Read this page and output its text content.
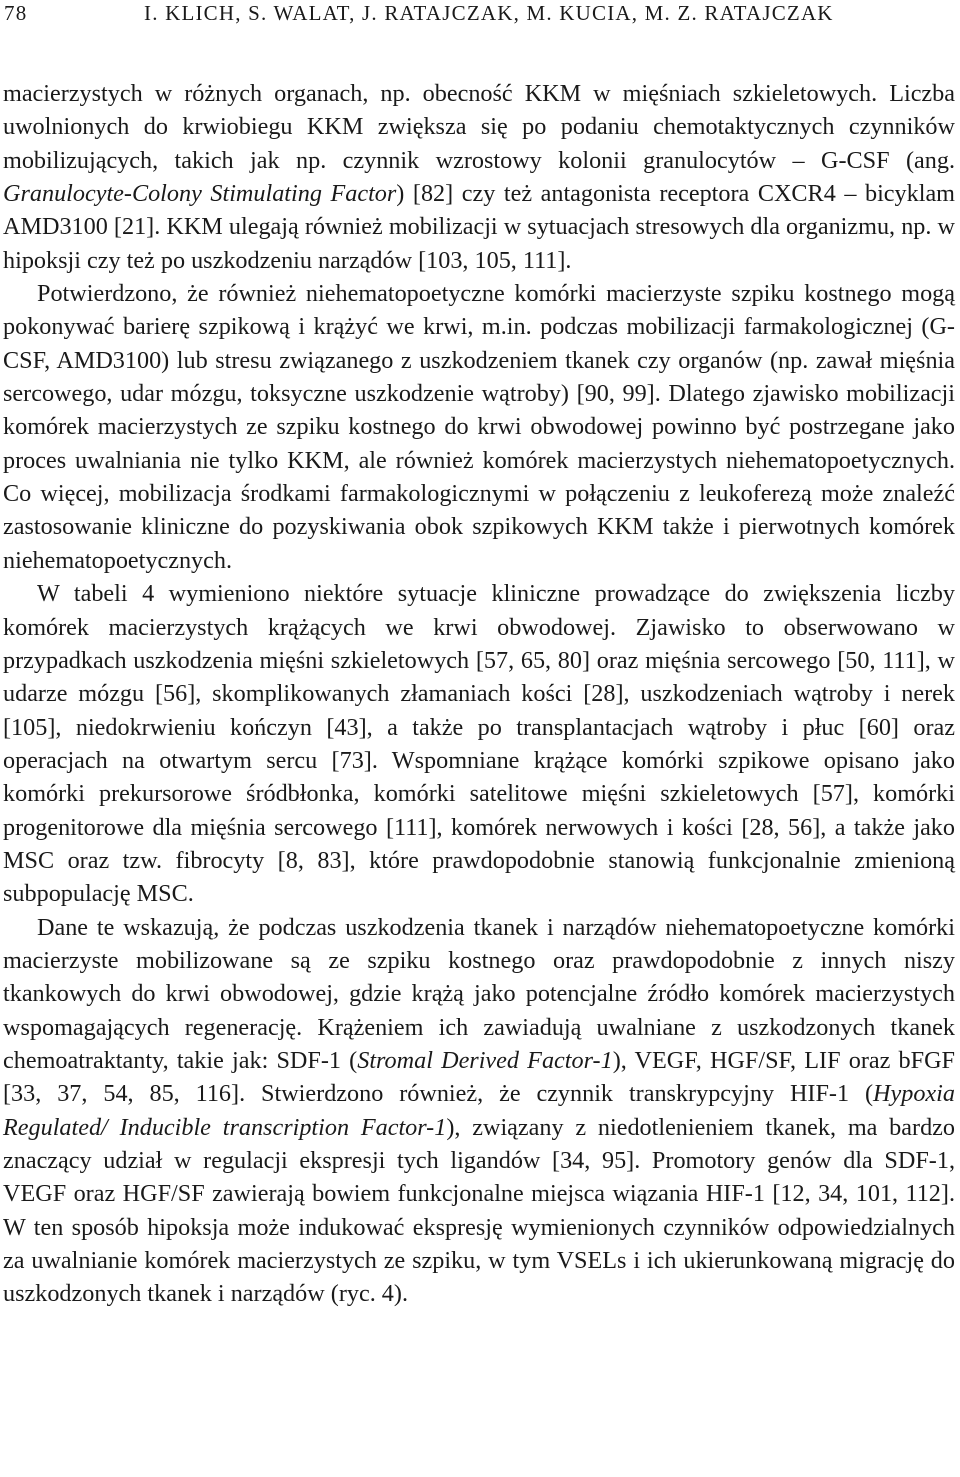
78	I. KLICH, S. WALAT, J. RATAJCZAK, M. KUCIA, M. Z. RATAJCZAK

macierzystych w różnych organach, np. obecność KKM w mięśniach szkieletowych. Liczba uwolnionych do krwiobiegu KKM zwiększa się po podaniu chemotaktycznych czynników mobilizujących, takich jak np. czynnik wzrostowy kolonii granulocytów – G-CSF (ang. Granulocyte-Colony Stimulating Factor) [82] czy też antagonista receptora CXCR4 – bicyklam AMD3100 [21]. KKM ulegają również mobilizacji w sytuacjach stresowych dla organizmu, np. w hipoksji czy też po uszkodzeniu narządów [103, 105, 111].

Potwierdzono, że również niehematopoetyczne komórki macierzyste szpiku kostnego mogą pokonywać barierę szpikową i krążyć we krwi, m.in. podczas mobilizacji farmakologicznej (G-CSF, AMD3100) lub stresu związanego z uszkodzeniem tkanek czy organów (np. zawał mięśnia sercowego, udar mózgu, toksyczne uszkodzenie wątroby) [90, 99]. Dlatego zjawisko mobilizacji komórek macierzystych ze szpiku kostnego do krwi obwodowej powinno być postrzegane jako proces uwalniania nie tylko KKM, ale również komórek macierzystych niehematopoetycznych. Co więcej, mobilizacja środkami farmakologicznymi w połączeniu z leukoferezą może znaleźć zastosowanie kliniczne do pozyskiwania obok szpikowych KKM także i pierwotnych komórek niehematopoetycznych.

W tabeli 4 wymieniono niektóre sytuacje kliniczne prowadzące do zwiększenia liczby komórek macierzystych krążących we krwi obwodowej. Zjawisko to obserwowano w przypadkach uszkodzenia mięśni szkieletowych [57, 65, 80] oraz mięśnia sercowego [50, 111], w udarze mózgu [56], skomplikowanych złamaniach kości [28], uszkodzeniach wątroby i nerek [105], niedokrwieniu kończyn [43], a także po transplantacjach wątroby i płuc [60] oraz operacjach na otwartym sercu [73]. Wspomniane krążące komórki szpikowe opisano jako komórki prekursorowe śródbłonka, komórki satelitowe mięśni szkieletowych [57], komórki progenitorowe dla mięśnia sercowego [111], komórek nerwowych i kości [28, 56], a także jako MSC oraz tzw. fibrocyty [8, 83], które prawdopodobnie stanowią funkcjonalnie zmienioną subpopulację MSC.

Dane te wskazują, że podczas uszkodzenia tkanek i narządów niehematopoetyczne komórki macierzyste mobilizowane są ze szpiku kostnego oraz prawdopodobnie z innych niszy tkankowych do krwi obwodowej, gdzie krążą jako potencjalne źródło komórek macierzystych wspomagających regenerację. Krążeniem ich zawiadują uwalniane z uszkodzonych tkanek chemoatraktanty, takie jak: SDF-1 (Stromal Derived Factor-1), VEGF, HGF/SF, LIF oraz bFGF [33, 37, 54, 85, 116]. Stwierdzono również, że czynnik transkrypcyjny HIF-1 (Hypoxia Regulated/ Inducible transcription Factor-1), związany z niedotlenieniem tkanek, ma bardzo znaczący udział w regulacji ekspresji tych ligandów [34, 95]. Promotory genów dla SDF-1, VEGF oraz HGF/SF zawierają bowiem funkcjonalne miejsca wiązania HIF-1 [12, 34, 101, 112]. W ten sposób hipoksja może indukować ekspresję wymienionych czynników odpowiedzialnych za uwalnianie komórek macierzystych ze szpiku, w tym VSELs i ich ukierunkowaną migrację do uszkodzonych tkanek i narządów (ryc. 4).
